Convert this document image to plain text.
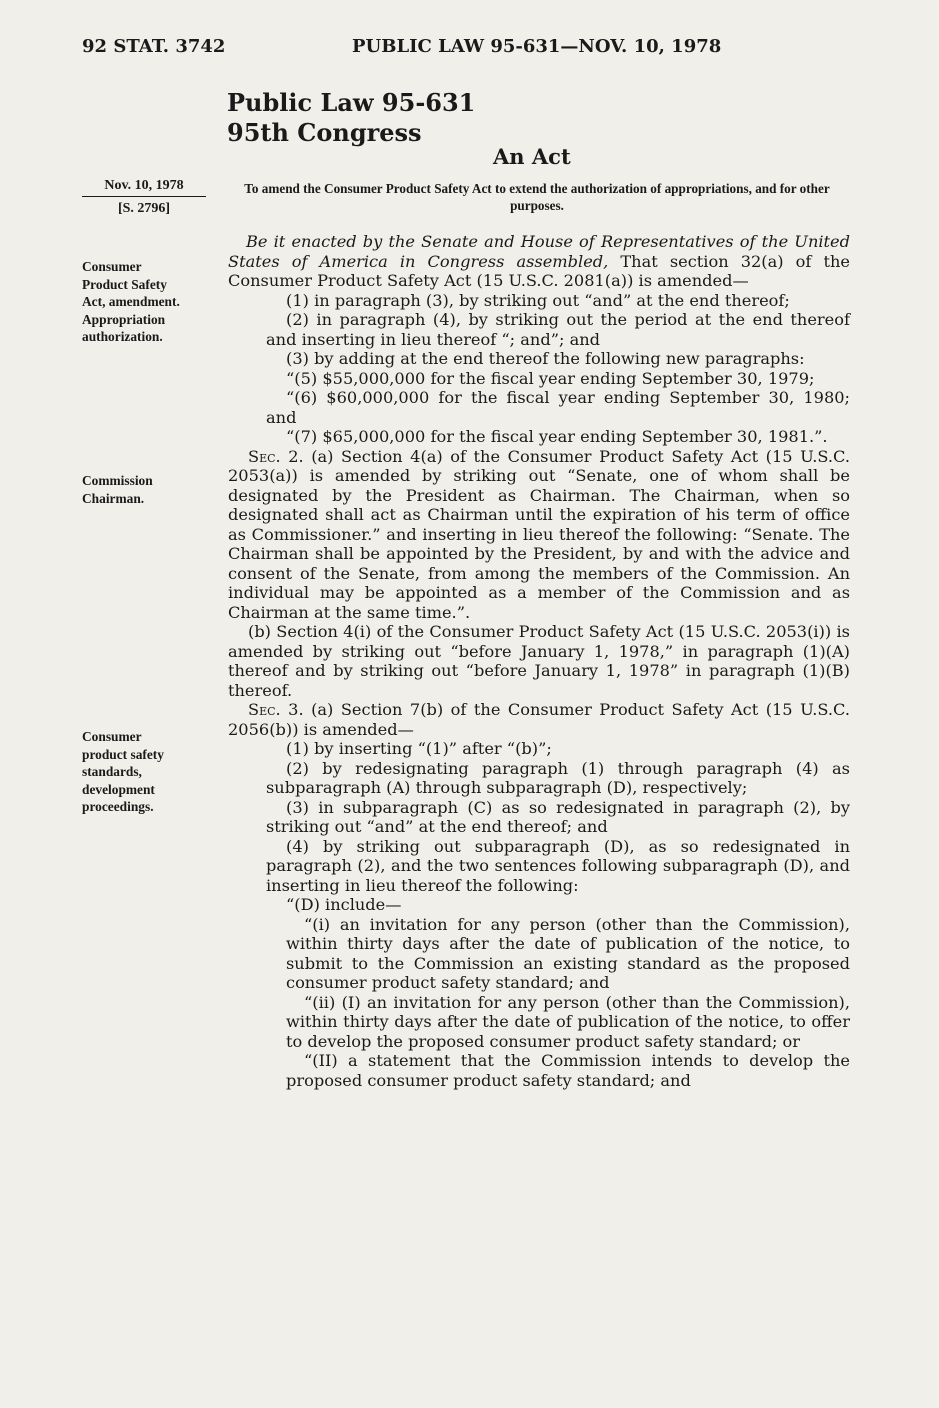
92 STAT. 3742	PUBLIC LAW 95-631—NOV. 10, 1978
Public Law 95-631
95th Congress
An Act
Nov. 10, 1978
[S. 2796]
To amend the Consumer Product Safety Act to extend the authorization of appropriations, and for other purposes.
Consumer
Product Safety
Act, amendment.
Appropriation
authorization.
Commission
Chairman.
Consumer
product safety
standards,
development
proceedings.

Be it enacted by the Senate and House of Representatives of the United States of America in Congress assembled, That section 32(a) of the Consumer Product Safety Act (15 U.S.C. 2081(a)) is amended—

(1) in paragraph (3), by striking out “and” at the end thereof;

(2) in paragraph (4), by striking out the period at the end thereof and inserting in lieu thereof “; and”; and

(3) by adding at the end thereof the following new paragraphs:

“(5) $55,000,000 for the fiscal year ending September 30, 1979;

“(6) $60,000,000 for the fiscal year ending September 30, 1980; and

“(7) $65,000,000 for the fiscal year ending September 30, 1981.”.

Sec. 2. (a) Section 4(a) of the Consumer Product Safety Act (15 U.S.C. 2053(a)) is amended by striking out “Senate, one of whom shall be designated by the President as Chairman. The Chairman, when so designated shall act as Chairman until the expiration of his term of office as Commissioner.” and inserting in lieu thereof the following: “Senate. The Chairman shall be appointed by the President, by and with the advice and consent of the Senate, from among the members of the Commission. An individual may be appointed as a member of the Commission and as Chairman at the same time.”.

(b) Section 4(i) of the Consumer Product Safety Act (15 U.S.C. 2053(i)) is amended by striking out “before January 1, 1978,” in paragraph (1)(A) thereof and by striking out “before January 1, 1978” in paragraph (1)(B) thereof.

Sec. 3. (a) Section 7(b) of the Consumer Product Safety Act (15 U.S.C. 2056(b)) is amended—

(1) by inserting “(1)” after “(b)”;

(2) by redesignating paragraph (1) through paragraph (4) as subparagraph (A) through subparagraph (D), respectively;

(3) in subparagraph (C) as so redesignated in paragraph (2), by striking out “and” at the end thereof; and

(4) by striking out subparagraph (D), as so redesignated in paragraph (2), and the two sentences following subparagraph (D), and inserting in lieu thereof the following:

“(D) include—

“(i) an invitation for any person (other than the Commission), within thirty days after the date of publication of the notice, to submit to the Commission an existing standard as the proposed consumer product safety standard; and

“(ii) (I) an invitation for any person (other than the Commission), within thirty days after the date of publication of the notice, to offer to develop the proposed consumer product safety standard; or

“(II) a statement that the Commission intends to develop the proposed consumer product safety standard; and
